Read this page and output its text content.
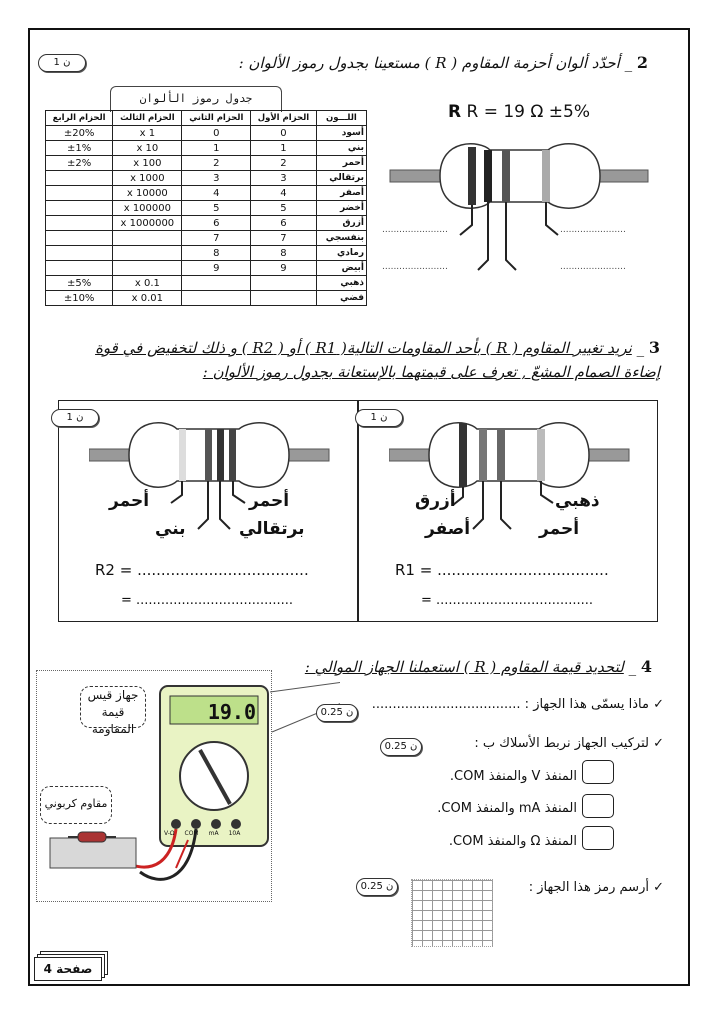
1 ن	2 _ أحدّد ألوان أحزمة المقاوم ( R ) مستعينا بجدول رموز الألوان :
جدول رموز الألوان
اللـــون	الحزام الأول	الحزام الثاني	الحزام الثالث	الحزام الرابع
أسود	0	0	x 1	±20%
بني	1	1	x 10	±1%
أحمر	2	2	x 100	±2%
برتقالي	3	3	x 1000	
أصفر	4	4	x 10000	
أخضر	5	5	x 100000	
أزرق	6	6	x 1000000	
بنفسجي	7	7		
رمادي	8	8		
أبيض	9	9		
ذهبي			x 0.1	±5%
فضي			x 0.01	±10%
R R = 19 Ω ±5%
.......................
.......................
.......................
.......................
3 _ نريد تغيير المقاوم ( R ) بأحد المقاومات التالية( R1 ) أو ( R2 ) و ذلك لتخفيض في قوة
إضاءة الصمام المشعّ , تعرف على قيمتهما بالإستعانة بجدول رموز الألوان :
1 ن
أحمر	أحمر
بني	برتقالي
R2 = ....................................
= ......................................
1 ن
أزرق	ذهبي
أصفر	أحمر
R1 = ....................................
= ......................................
4 _ لتحديد قيمة المقاوم ( R ) استعملنا الجهاز الموالي :
19.0
V-Ω COM mA 10A
جهاز قيس قيمة المقاومة
مقاوم كربوني
0.25 ن
✓ ماذا يسمّى هذا الجهاز : ....................................
0.25 ن	✓ لتركيب الجهاز نربط الأسلاك ب :
المنفذ V والمنفذ COM.
المنفذ mA والمنفذ COM.
المنفذ Ω والمنفذ COM.
0.25 ن	✓ أرسم رمز هذا الجهاز :
صفحة 4
